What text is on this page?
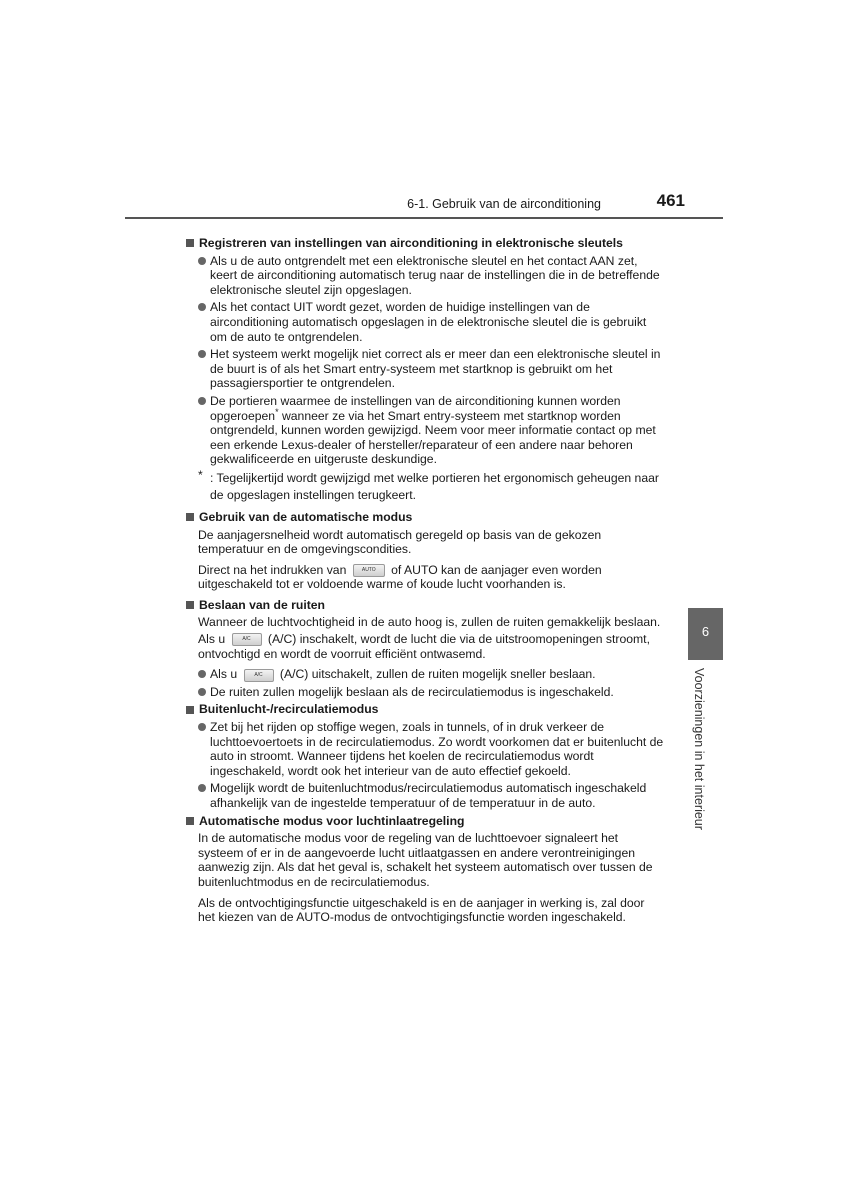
6-1. Gebruik van de airconditioning	461
6
Voorzieningen in het interieur
Registreren van instellingen van airconditioning in elektronische sleutels
Als u de auto ontgrendelt met een elektronische sleutel en het contact AAN zet, keert de airconditioning automatisch terug naar de instellingen die in de betreffende elektronische sleutel zijn opgeslagen.
Als het contact UIT wordt gezet, worden de huidige instellingen van de airconditioning automatisch opgeslagen in de elektronische sleutel die is gebruikt om de auto te ontgrendelen.
Het systeem werkt mogelijk niet correct als er meer dan een elektronische sleutel in de buurt is of als het Smart entry-systeem met startknop is gebruikt om het passagiersportier te ontgrendelen.
De portieren waarmee de instellingen van de airconditioning kunnen worden opgeroepen* wanneer ze via het Smart entry-systeem met startknop worden ontgrendeld, kunnen worden gewijzigd. Neem voor meer informatie contact op met een erkende Lexus-dealer of hersteller/reparateur of een andere naar behoren gekwalificeerde en uitgeruste deskundige.
* : Tegelijkertijd wordt gewijzigd met welke portieren het ergonomisch geheugen naar de opgeslagen instellingen terugkeert.
Gebruik van de automatische modus
De aanjagersnelheid wordt automatisch geregeld op basis van de gekozen temperatuur en de omgevingscondities.
Direct na het indrukken van	AUTO of AUTO kan de aanjager even worden uitgeschakeld tot er voldoende warme of koude lucht voorhanden is.
Beslaan van de ruiten
Wanneer de luchtvochtigheid in de auto hoog is, zullen de ruiten gemakkelijk beslaan.
Als u	A/C (A/C) inschakelt, wordt de lucht die via de uitstroomopeningen stroomt, ontvochtigd en wordt de voorruit efficiënt ontwasemd.
Als u	A/C (A/C) uitschakelt, zullen de ruiten mogelijk sneller beslaan.
De ruiten zullen mogelijk beslaan als de recirculatiemodus is ingeschakeld.
Buitenlucht-/recirculatiemodus
Zet bij het rijden op stoffige wegen, zoals in tunnels, of in druk verkeer de luchttoevoertoets in de recirculatiemodus. Zo wordt voorkomen dat er buitenlucht de auto in stroomt. Wanneer tijdens het koelen de recirculatiemodus wordt ingeschakeld, wordt ook het interieur van de auto effectief gekoeld.
Mogelijk wordt de buitenluchtmodus/recirculatiemodus automatisch ingeschakeld afhankelijk van de ingestelde temperatuur of de temperatuur in de auto.
Automatische modus voor luchtinlaatregeling
In de automatische modus voor de regeling van de luchttoevoer signaleert het systeem of er in de aangevoerde lucht uitlaatgassen en andere verontreinigingen aanwezig zijn. Als dat het geval is, schakelt het systeem automatisch over tussen de buitenluchtmodus en de recirculatiemodus.
Als de ontvochtigingsfunctie uitgeschakeld is en de aanjager in werking is, zal door het kiezen van de AUTO-modus de ontvochtigingsfunctie worden ingeschakeld.
